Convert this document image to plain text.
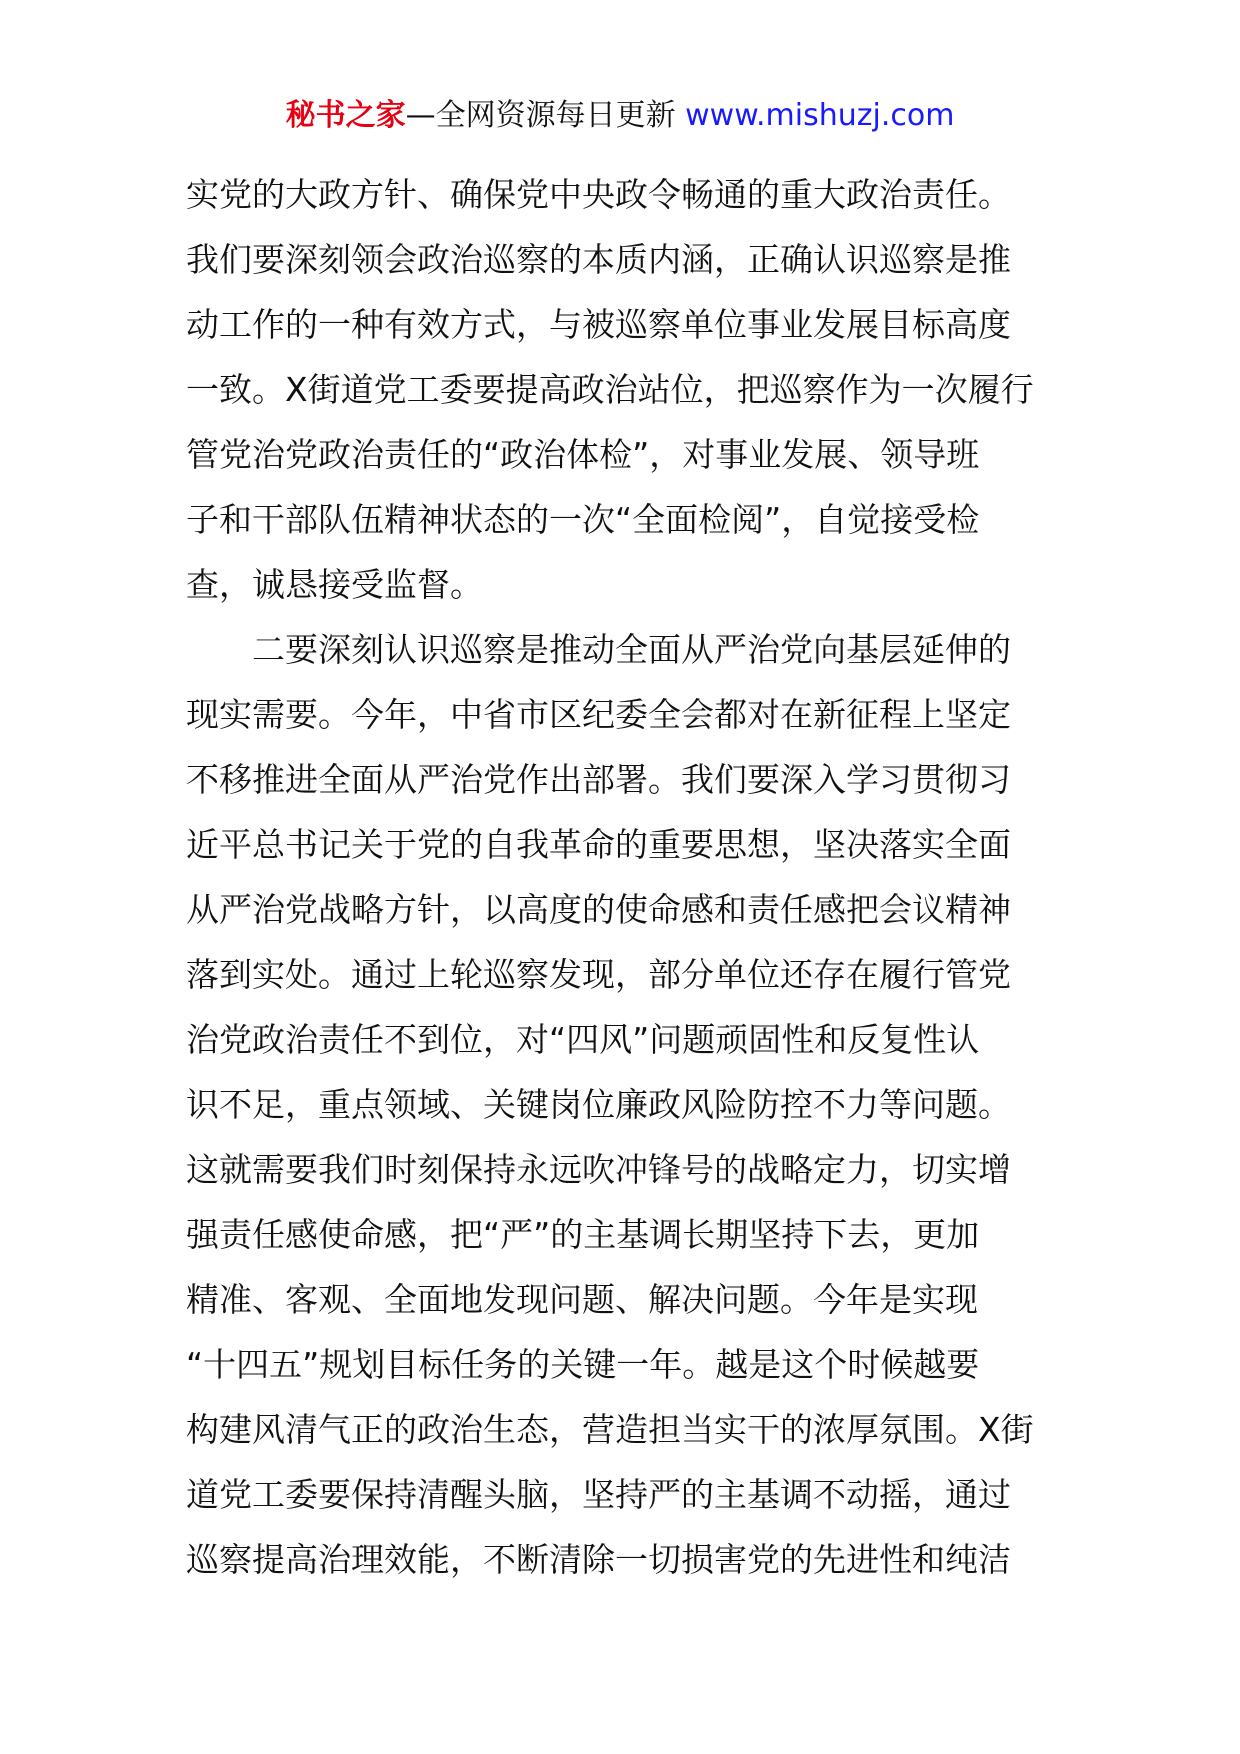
秘书之家—全网资源每日更新 www.mishuzj.com
实党的大政方针、确保党中央政令畅通的重大政治责任。
我们要深刻领会政治巡察的本质内涵，正确认识巡察是推
动工作的一种有效方式，与被巡察单位事业发展目标高度
一致。X街道党工委要提高政治站位，把巡察作为一次履行
管党治党政治责任的“政治体检”，对事业发展、领导班
子和干部队伍精神状态的一次“全面检阅”，自觉接受检
查，诚恳接受监督。
二要深刻认识巡察是推动全面从严治党向基层延伸的
现实需要。今年，中省市区纪委全会都对在新征程上坚定
不移推进全面从严治党作出部署。我们要深入学习贯彻习
近平总书记关于党的自我革命的重要思想，坚决落实全面
从严治党战略方针，以高度的使命感和责任感把会议精神
落到实处。通过上轮巡察发现，部分单位还存在履行管党
治党政治责任不到位，对“四风”问题顽固性和反复性认
识不足，重点领域、关键岗位廉政风险防控不力等问题。
这就需要我们时刻保持永远吹冲锋号的战略定力，切实增
强责任感使命感，把“严”的主基调长期坚持下去，更加
精准、客观、全面地发现问题、解决问题。今年是实现
“十四五”规划目标任务的关键一年。越是这个时候越要
构建风清气正的政治生态，营造担当实干的浓厚氛围。X街
道党工委要保持清醒头脑，坚持严的主基调不动摇，通过
巡察提高治理效能，不断清除一切损害党的先进性和纯洁
